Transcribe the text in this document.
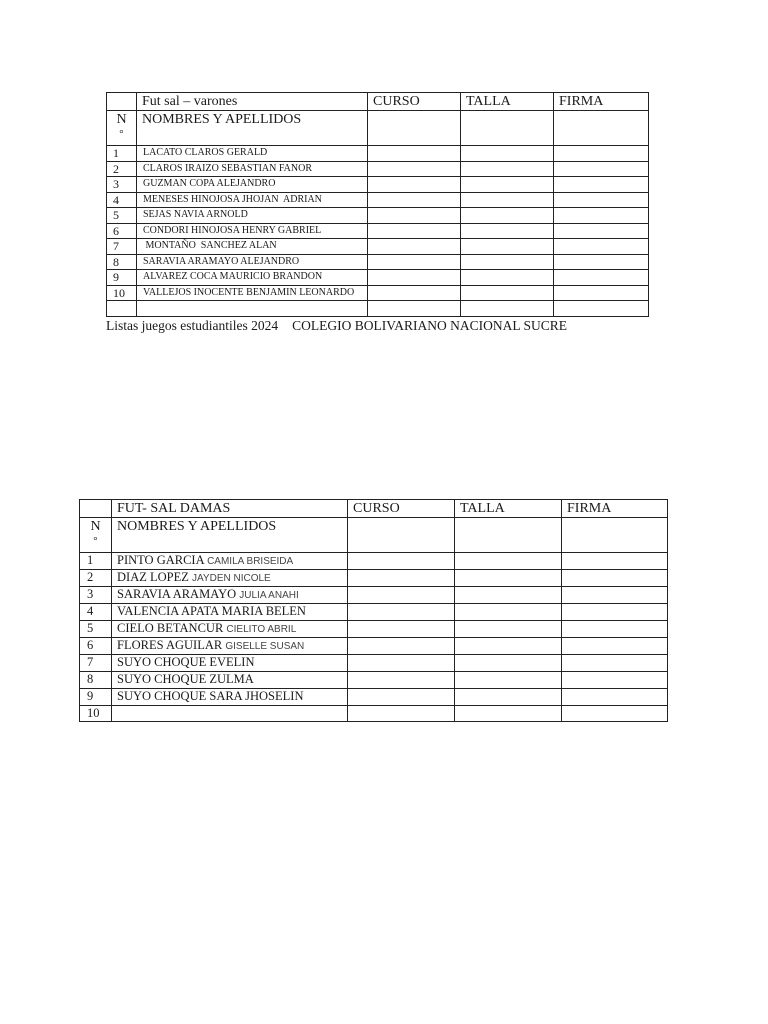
	Fut sal – varones	CURSO	TALLA	FIRMA

N
°	NOMBRES Y APELLIDOS			
1	LACATO CLAROS GERALD			
2	CLAROS IRAIZO SEBASTIAN FANOR			
3	GUZMAN COPA ALEJANDRO			
4	MENESES HINOJOSA JHOJAN  ADRIAN			
5	SEJAS NAVIA ARNOLD			
6	CONDORI HINOJOSA HENRY GABRIEL			
7	MONTAÑO  SANCHEZ ALAN			
8	SARAVIA ARAMAYO ALEJANDRO			
9	ALVAREZ COCA MAURICIO BRANDON			
10	VALLEJOS INOCENTE BENJAMIN LEONARDO			

Listas juegos estudiantiles 2024 COLEGIO BOLIVARIANO NACIONAL SUCRE
	FUT- SAL DAMAS	CURSO	TALLA	FIRMA

N
°	NOMBRES Y APELLIDOS			
1	PINTO GARCIA CAMILA BRISEIDA			
2	DIAZ LOPEZ JAYDEN NICOLE			
3	SARAVIA ARAMAYO JULIA ANAHI			
4	VALENCIA APATA MARIA BELEN			
5	CIELO BETANCUR CIELITO ABRIL			
6	FLORES AGUILAR GISELLE SUSAN			
7	SUYO CHOQUE EVELIN			
8	SUYO CHOQUE ZULMA			
9	SUYO CHOQUE SARA JHOSELIN			
10				
